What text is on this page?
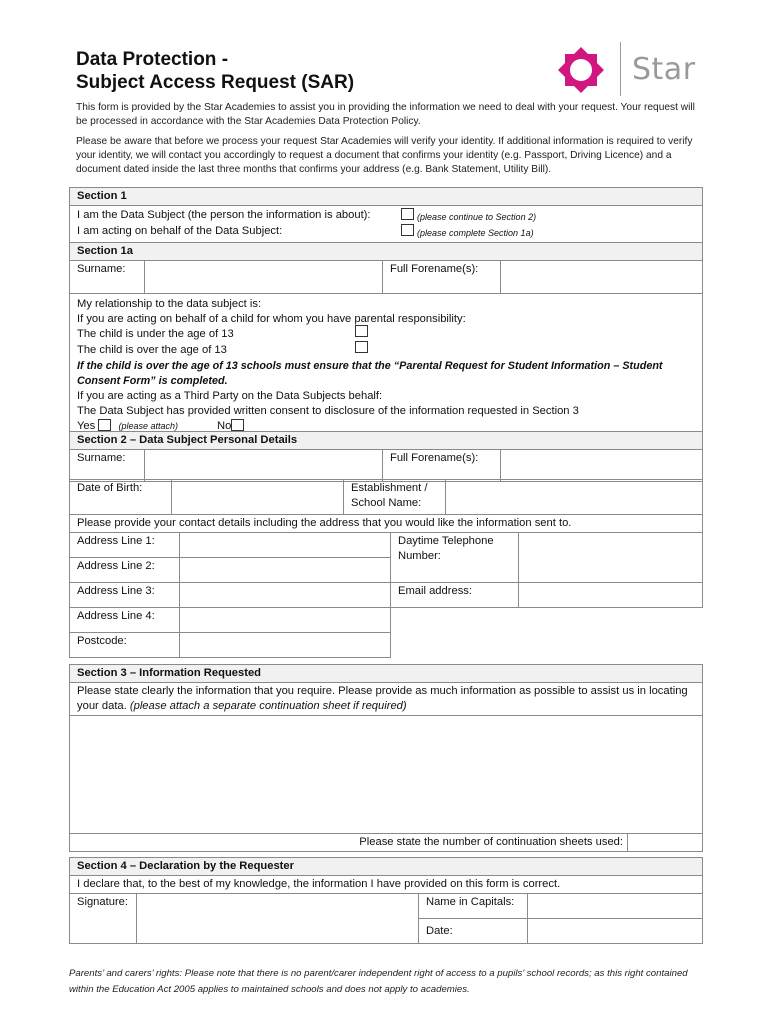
Data Protection -
Subject Access Request (SAR)	Star
This form is provided by the Star Academies to assist you in providing the information we need to deal with your request. Your request will be processed in accordance with the Star Academies Data Protection Policy.
Please be aware that before we process your request Star Academies will verify your identity. If additional information is required to verify your identity, we will contact you accordingly to request a document that confirms your identity (e.g. Passport, Driving Licence) and a document dated inside the last three months that confirms your address (e.g. Bank Statement, Utility Bill).
Section 1

I am the Data Subject (the person the information is about):	(please continue to Section 2)
I am acting on behalf of the Data Subject:	(please complete Section 1a)

Section 1a
Surname:		Full Forename(s):	

My relationship to the data subject is:
If you are acting on behalf of a child for whom you have parental responsibility:
The child is under the age of 13
The child is over the age of 13
If the child is over the age of 13 schools must ensure that the “Parental Request for Student Information – Student Consent Form” is completed.
If you are acting as a Third Party on the Data Subjects behalf:
The Data Subject has provided written consent to disclosure of the information requested in Section 3
Yes	(please attach)	No
Section 2 – Data Subject Personal Details
Surname:		Full Forename(s):	
Date of Birth:		Establishment / School Name:	
Please provide your contact details including the address that you would like the information sent to.			
Address Line 1:		Daytime Telephone Number:	
Address Line 2:			
Address Line 3:		Email address:	
Address Line 4:			
Postcode:			
Section 3 – Information Requested
Please state clearly the information that you require. Please provide as much information as possible to assist us in locating your data. (please attach a separate continuation sheet if required)

Please state the number of continuation sheets used:	
Section 4 – Declaration by the Requester			
I declare that, to the best of my knowledge, the information I have provided on this form is correct.			
Signature:		Name in Capitals:	
		Date:	
Parents’ and carers’ rights: Please note that there is no parent/carer independent right of access to a pupils’ school records; as this right contained within the Education Act 2005 applies to maintained schools and does not apply to academies.
